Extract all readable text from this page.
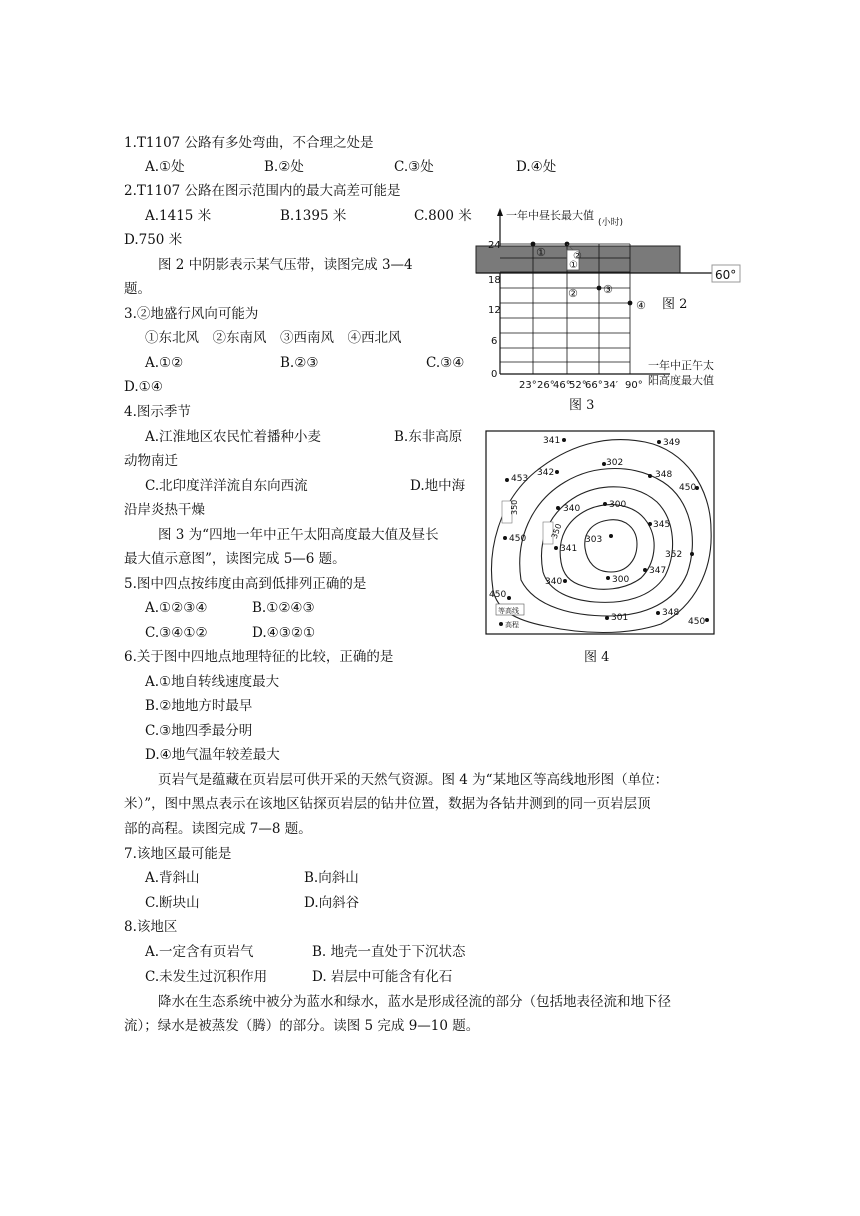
1.T1107 公路有多处弯曲，不合理之处是
A.①处	B.②处	C.③处	D.④处
2.T1107 公路在图示范围内的最大高差可能是
A.1415 米	B.1395 米	C.800 米
D.750 米
图 2 中阴影表示某气压带，读图完成 3—4
题。
3.②地盛行风向可能为
①东北风　②东南风　③西南风　④西北风
A.①②	B.②③	C.③④
D.①④
4.图示季节
A.江淮地区农民忙着播种小麦	B.东非高原
动物南迁
C.北印度洋洋流自东向西流	D.地中海
沿岸炎热干燥
图 3 为“四地一年中正午太阳高度最大值及昼长
最大值示意图”，读图完成 5—6 题。
5.图中四点按纬度由高到低排列正确的是
A.①②③④	B.①②④③
C.③④①②	D.④③②①
6.关于图中四地点地理特征的比较，正确的是
A.①地自转线速度最大
B.②地地方时最早
C.③地四季最分明
D.④地气温年较差最大
页岩气是蕴藏在页岩层可供开采的天然气资源。图 4 为“某地区等高线地形图（单位：
米）”，图中黑点表示在该地区钻探页岩层的钻井位置，数据为各钻井测到的同一页岩层顶
部的高程。读图完成 7—8 题。
7.该地区最可能是
A.背斜山	B.向斜山
C.断块山	D.向斜谷
8.该地区
A.一定含有页岩气	B. 地壳一直处于下沉状态
C.未发生过沉积作用	D. 岩层中可能含有化石
降水在生态系统中被分为蓝水和绿水，蓝水是形成径流的部分（包括地表径流和地下径
流）；绿水是被蒸发（腾）的部分。读图 5 完成 9—10 题。
60°
一年中昼长最大值
(小时)
24
18
12
6
0
23° 26°
46°
52°
66° 34′ 90°
一年中正午太
阳高度最大值
①
② ③
④
②
①
图 2
图 3
350
350
341	349
453
342
302
348
450
340	300
345
450	303
341
352
340	300
347
450
301	348
450
等高线
高程
图 4
